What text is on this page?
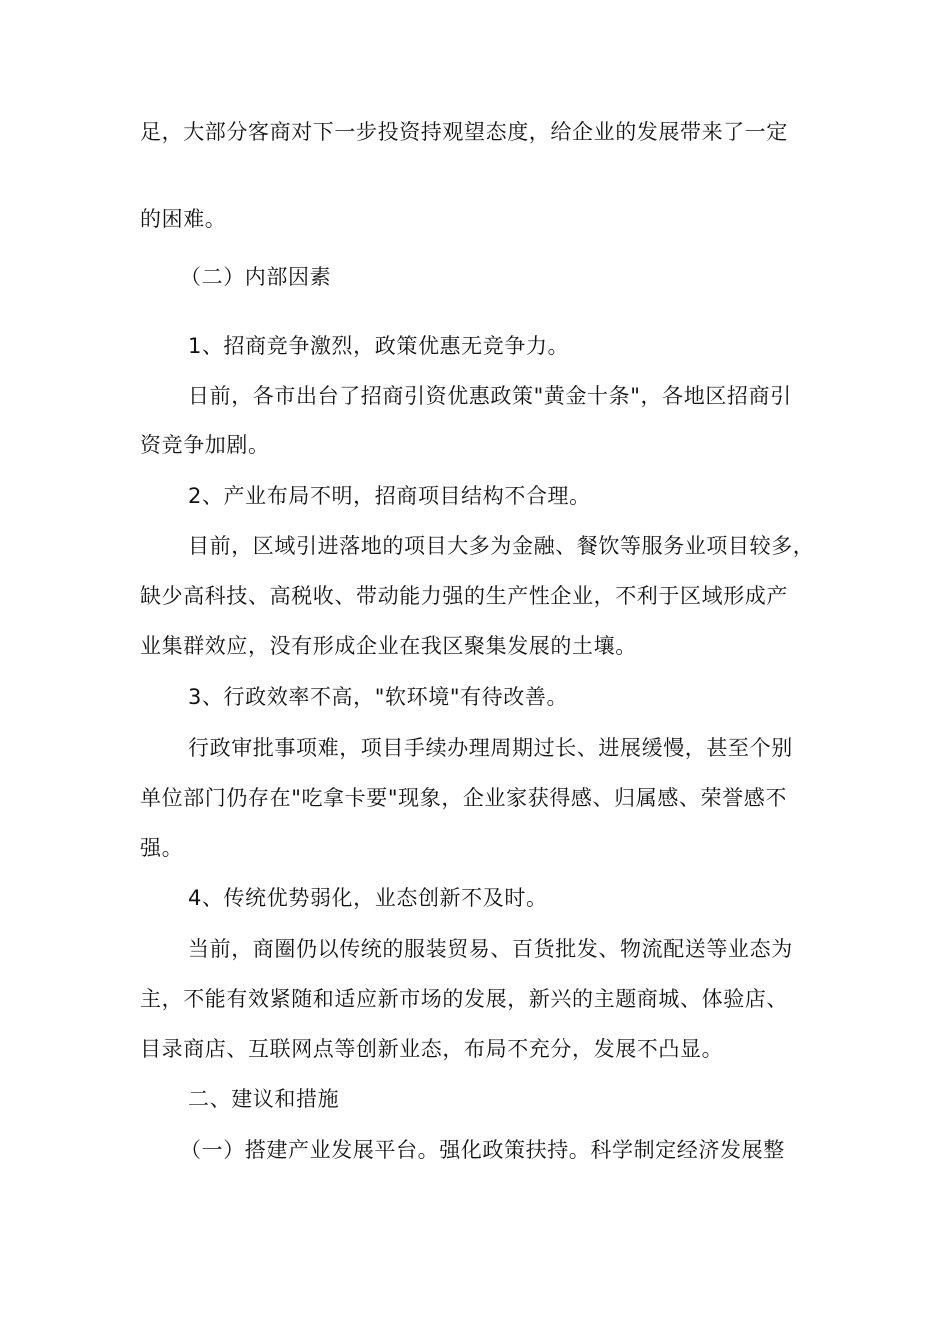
足，大部分客商对下一步投资持观望态度，给企业的发展带来了一定
的困难。
（二）内部因素
1、招商竞争激烈，政策优惠无竞争力。
日前，各市出台了招商引资优惠政策"黄金十条"，各地区招商引
资竞争加剧。
2、产业布局不明，招商项目结构不合理。
目前，区域引进落地的项目大多为金融、餐饮等服务业项目较多，
缺少高科技、高税收、带动能力强的生产性企业，不利于区域形成产
业集群效应，没有形成企业在我区聚集发展的土壤。
3、行政效率不高，"软环境"有待改善。
行政审批事项难，项目手续办理周期过长、进展缓慢，甚至个别
单位部门仍存在"吃拿卡要"现象，企业家获得感、归属感、荣誉感不
强。
4、传统优势弱化，业态创新不及时。
当前，商圈仍以传统的服装贸易、百货批发、物流配送等业态为
主，不能有效紧随和适应新市场的发展，新兴的主题商城、体验店、
目录商店、互联网点等创新业态，布局不充分，发展不凸显。
二、建议和措施
（一）搭建产业发展平台。强化政策扶持。科学制定经济发展整
